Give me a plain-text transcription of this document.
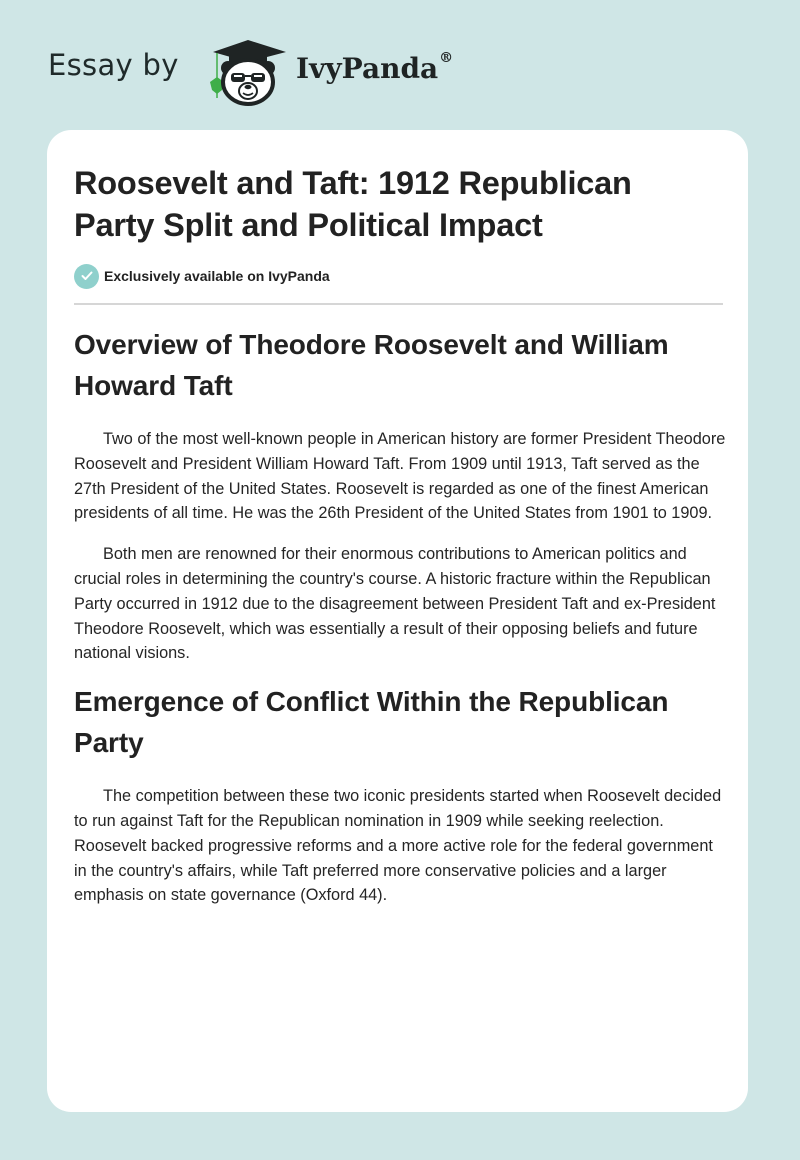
Essay by	IvyPanda®
Roosevelt and Taft: 1912 Republican Party Split and Political Impact
Exclusively available on IvyPanda
Overview of Theodore Roosevelt and William Howard Taft

Two of the most well-known people in American history are former President Theodore Roosevelt and President William Howard Taft. From 1909 until 1913, Taft served as the 27th President of the United States. Roosevelt is regarded as one of the finest American presidents of all time. He was the 26th President of the United States from 1901 to 1909.

Both men are renowned for their enormous contributions to American politics and crucial roles in determining the country's course. A historic fracture within the Republican Party occurred in 1912 due to the disagreement between President Taft and ex-President Theodore Roosevelt, which was essentially a result of their opposing beliefs and future national visions.

Emergence of Conflict Within the Republican Party

The competition between these two iconic presidents started when Roosevelt decided to run against Taft for the Republican nomination in 1909 while seeking reelection. Roosevelt backed progressive reforms and a more active role for the federal government in the country's affairs, while Taft preferred more conservative policies and a larger emphasis on state governance (Oxford 44).
